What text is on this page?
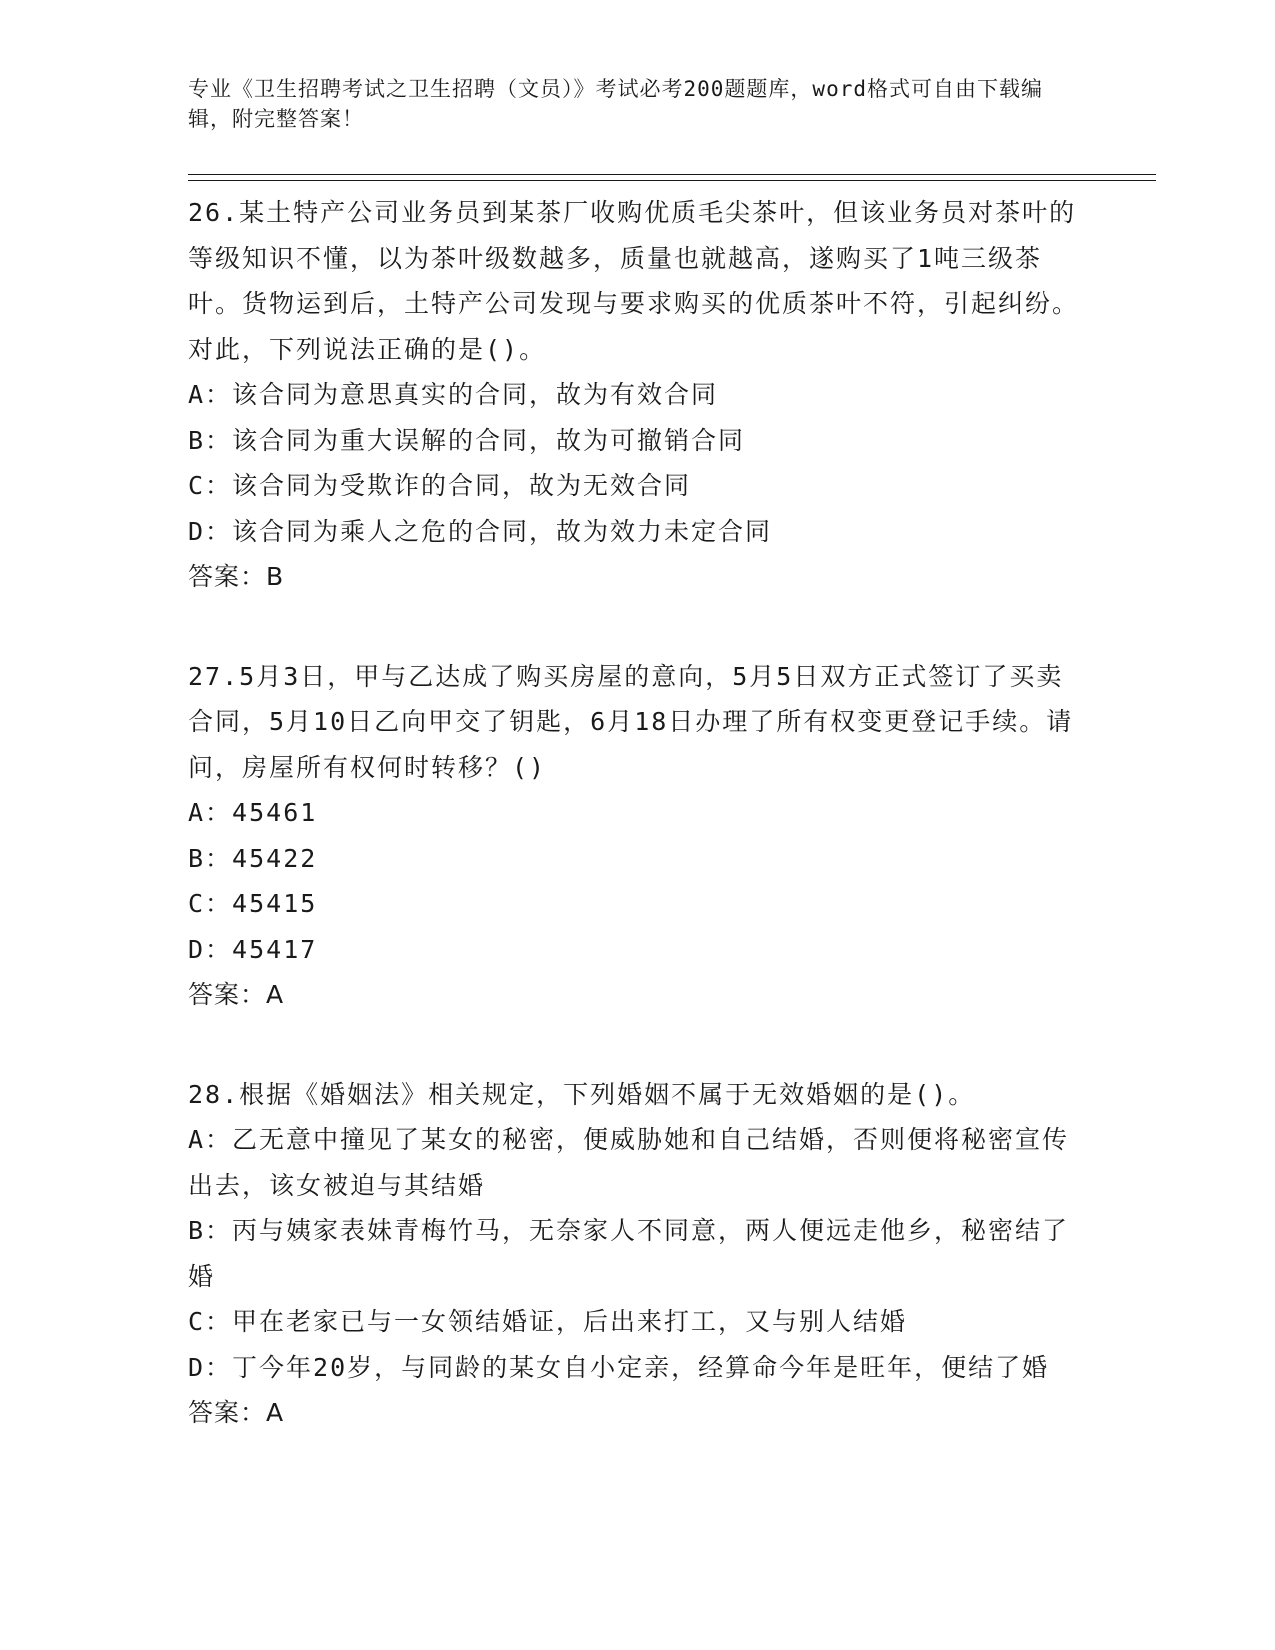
专业《卫生招聘考试之卫生招聘（文员）》考试必考200题题库，word格式可自由下载编辑，附完整答案！

26.某土特产公司业务员到某茶厂收购优质毛尖茶叶，但该业务员对茶叶的等级知识不懂，以为茶叶级数越多，质量也就越高，遂购买了1吨三级茶叶。货物运到后，土特产公司发现与要求购买的优质茶叶不符，引起纠纷。对此，下列说法正确的是()。

A：该合同为意思真实的合同，故为有效合同

B：该合同为重大误解的合同，故为可撤销合同

C：该合同为受欺诈的合同，故为无效合同

D：该合同为乘人之危的合同，故为效力未定合同

答案：B

27.5月3日，甲与乙达成了购买房屋的意向，5月5日双方正式签订了买卖合同，5月10日乙向甲交了钥匙，6月18日办理了所有权变更登记手续。请问，房屋所有权何时转移？()

A：45461

B：45422

C：45415

D：45417

答案：A

28.根据《婚姻法》相关规定，下列婚姻不属于无效婚姻的是()。

A：乙无意中撞见了某女的秘密，便威胁她和自己结婚，否则便将秘密宣传出去，该女被迫与其结婚

B：丙与姨家表妹青梅竹马，无奈家人不同意，两人便远走他乡，秘密结了婚

C：甲在老家已与一女领结婚证，后出来打工，又与别人结婚

D：丁今年20岁，与同龄的某女自小定亲，经算命今年是旺年，便结了婚

答案：A
